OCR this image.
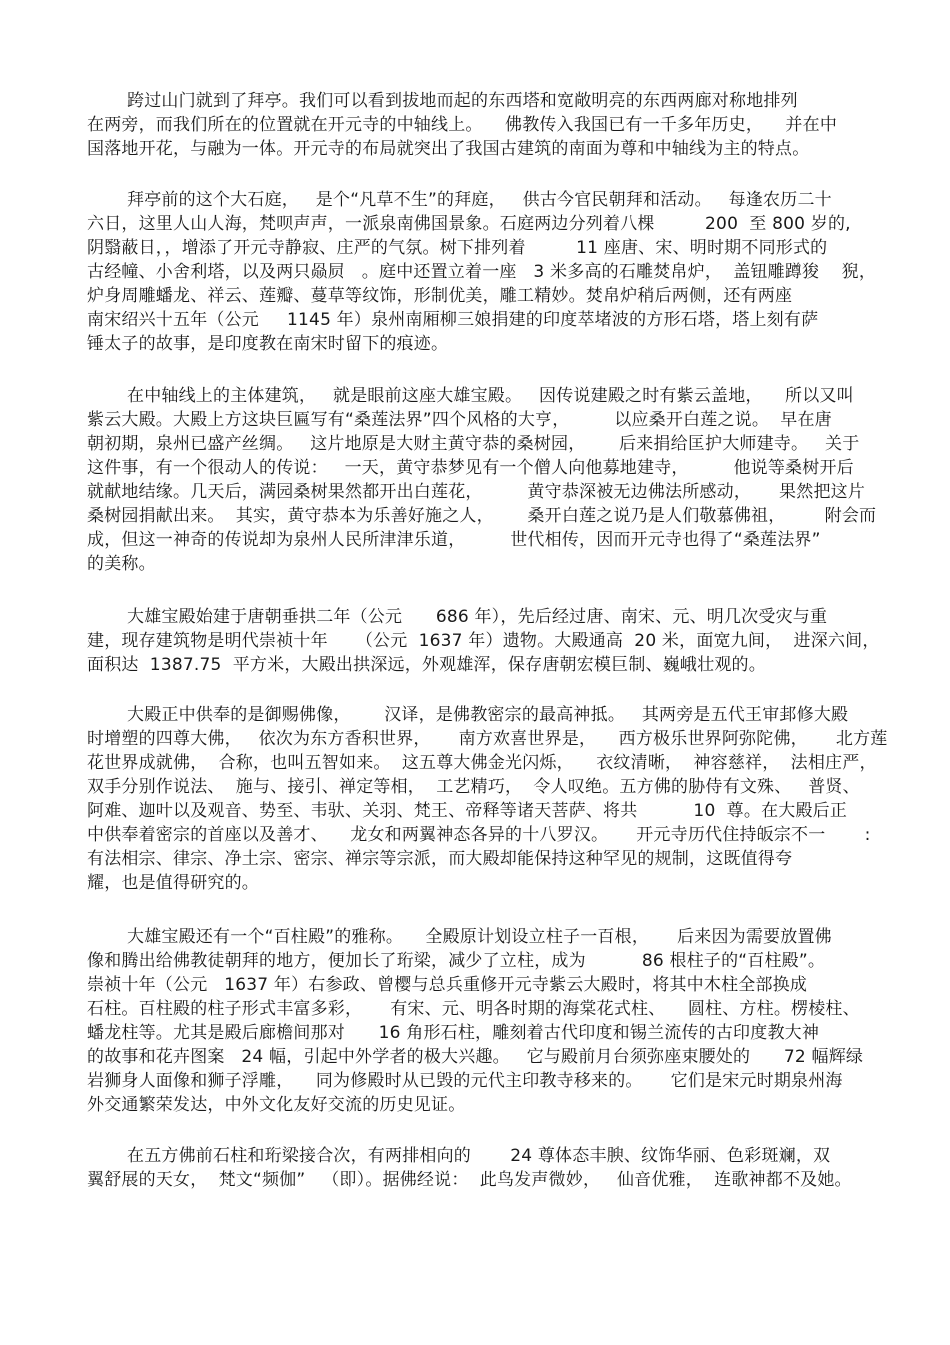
跨过山门就到了拜亭。我们可以看到拔地而起的东西塔和宽敞明亮的东西两廊对称地排列
在两旁，而我们所在的位置就在开元寺的中轴线上。    佛教传入我国已有一千多年历史，    并在中
国落地开花，与融为一体。开元寺的布局就突出了我国古建筑的南面为尊和中轴线为主的特点。
拜亭前的这个大石庭，   是个“凡草不生”的拜庭，   供古今官民朝拜和活动。   每逢农历二十
六日，这里人山人海，梵呗声声，一派泉南佛国景象。石庭两边分列着八棵         200  至 800 岁的,
阴翳蔽日，，增添了开元寺静寂、庄严的气氛。树下排列着         11 座唐、宋、明时期不同形式的
古经幢、小舍利塔，以及两只赑屃   。庭中还置立着一座   3 米多高的石雕焚帛炉，  盖钮雕蹲狻    猊，
炉身周雕蟠龙、祥云、莲瓣、蔓草等纹饰，形制优美，雕工精妙。焚帛炉稍后两侧，还有两座
南宋绍兴十五年（公元     1145 年）泉州南厢柳三娘捐建的印度萃堵波的方形石塔，塔上刻有萨
锤太子的故事，是印度教在南宋时留下的痕迹。
在中轴线上的主体建筑，   就是眼前这座大雄宝殿。   因传说建殿之时有紫云盖地，    所以又叫
紫云大殿。大殿上方这块巨匾写有“桑莲法界”四个风格的大亨，        以应桑开白莲之说。  早在唐
朝初期，泉州已盛产丝绸。   这片地原是大财主黄守恭的桑树园，      后来捐给匡护大师建寺。   关于
这件事，有一个很动人的传说：   一天，黄守恭梦见有一个僧人向他募地建寺，        他说等桑树开后
就献地结缘。几天后，满园桑树果然都开出白莲花，        黄守恭深被无边佛法所感动，     果然把这片
桑树园捐献出来。  其实，黄守恭本为乐善好施之人，      桑开白莲之说乃是人们敬慕佛祖，       附会而
成，但这一神奇的传说却为泉州人民所津津乐道，        世代相传，因而开元寺也得了“桑莲法界”
的美称。
大雄宝殿始建于唐朝垂拱二年（公元      686 年），先后经过唐、南宋、元、明几次受灾与重
建，现存建筑物是明代崇祯十年     （公元  1637 年）遗物。大殿通高  20 米，面宽九间，  进深六间，
面积达  1387.75  平方米，大殿出拱深远，外观雄浑，保存唐朝宏模巨制、巍峨壮观的。
大殿正中供奉的是御赐佛像，      汉译，是佛教密宗的最高神抵。   其两旁是五代王审邽修大殿
时增塑的四尊大佛，   依次为东方香积世界，     南方欢喜世界是，    西方极乐世界阿弥陀佛，     北方莲
花世界成就佛，  合称，也叫五智如来。  这五尊大佛金光闪烁，    衣纹清晰，  神容慈祥，  法相庄严，
双手分别作说法、  施与、接引、禅定等相，  工艺精巧，  令人叹绝。五方佛的胁侍有文殊、   普贤、
阿难、迦叶以及观音、势至、韦驮、关羽、梵王、帝释等诸天菩萨、将共          10  尊。在大殿后正
中供奉着密宗的首座以及善才、    龙女和两翼神态各异的十八罗汉。     开元寺历代住持皈宗不一       :
有法相宗、律宗、净土宗、密宗、禅宗等宗派，而大殿却能保持这种罕见的规制，这既值得夸
耀，也是值得研究的。
大雄宝殿还有一个“百柱殿”的雅称。    全殿原计划设立柱子一百根，     后来因为需要放置佛
像和腾出给佛教徒朝拜的地方，便加长了珩梁，减少了立柱，成为          86 根柱子的“百柱殿”。
崇祯十年（公元   1637 年）右参政、曾樱与总兵重修开元寺紫云大殿时，将其中木柱全部换成
石柱。百柱殿的柱子形式丰富多彩，     有宋、元、明各时期的海棠花式柱、    圆柱、方柱。楞棱柱、
蟠龙柱等。尤其是殿后廊檐间那对      16 角形石柱，雕刻着古代印度和锡兰流传的古印度教大神
的故事和花卉图案   24 幅，引起中外学者的极大兴趣。   它与殿前月台须弥座束腰处的      72 幅辉绿
岩狮身人面像和狮子浮雕，    同为修殿时从已毁的元代主印教寺移来的。     它们是宋元时期泉州海
外交通繁荣发达，中外文化友好交流的历史见证。
在五方佛前石柱和珩梁接合次，有两排相向的       24 尊体态丰腴、纹饰华丽、色彩斑斓，双
翼舒展的天女，  梵文“频伽”   （即）。据佛经说：  此鸟发声微妙，   仙音优雅，  连歌神都不及她。
